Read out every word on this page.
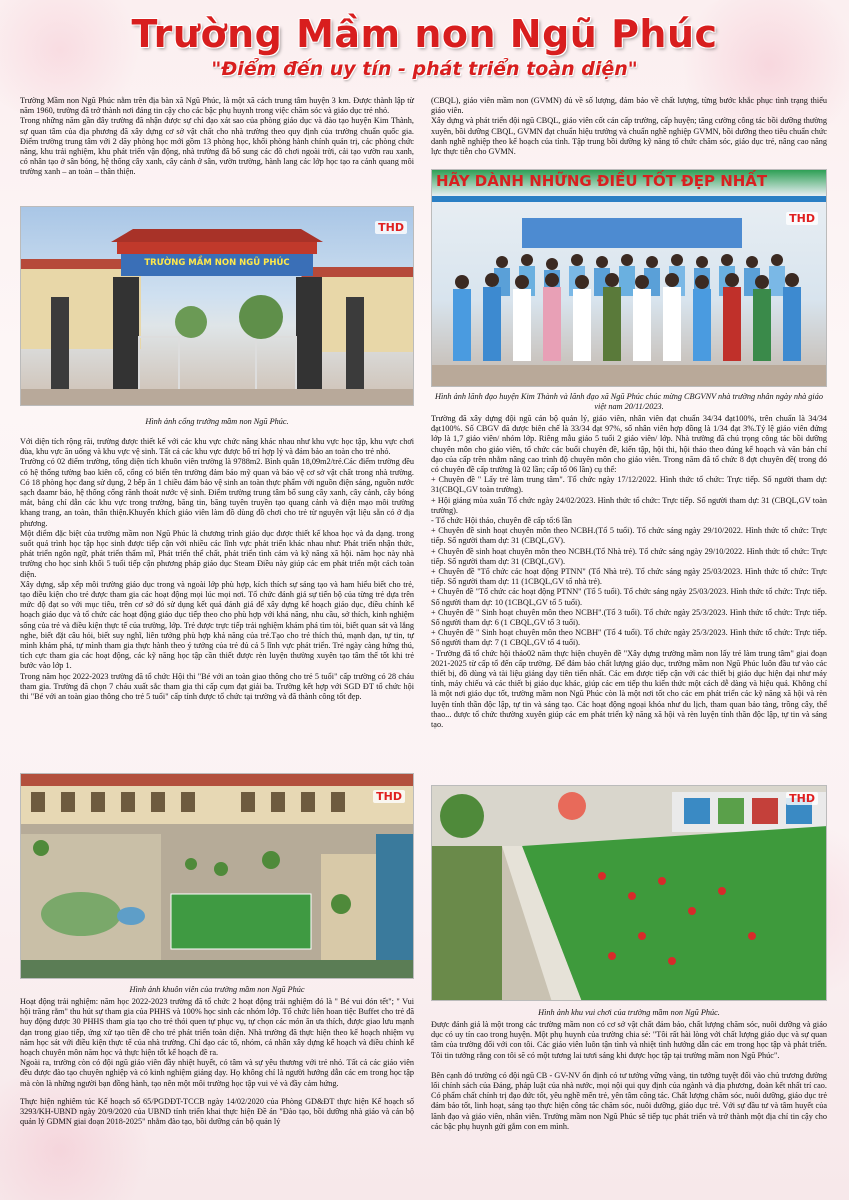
Trường Mầm non Ngũ Phúc
"Điểm đến uy tín - phát triển toàn diện"

Trường Mầm non Ngũ Phúc nằm trên địa bàn xã Ngũ Phúc, là một xã cách trung tâm huyện 3 km. Được thành lập từ năm 1960, trường đã trở thành nơi đáng tin cậy cho các bậc phụ huynh trong việc chăm sóc và giáo dục trẻ nhỏ.
Trong những năm gần đây trường đã nhận được sự chỉ đạo xát sao của phòng giáo dục và đào tạo huyện Kim Thành, sự quan tâm của địa phương đã xây dựng cơ sở vật chất cho nhà trường theo quy định của trường chuẩn quốc gia. Điểm trường trung tâm với 2 dãy phòng học mới gồm 13 phòng học, khối phòng hành chính quản trị, các phòng chức năng, khu trải nghiệm, khu phát triển vận động, nhà trường đã bổ sung các đồ chơi ngoài trời, cải tạo vườn rau xanh, có nhân tạo ở sân bóng, hệ thống cây xanh, cây cảnh ở sân, vườn trường, hành lang các lớp học tạo ra cảnh quang môi trường xanh – an toàn – thân thiện.

TRƯỜNG MẦM NON NGŨ PHÚC
THD
Hình ảnh cổng trường mầm non Ngũ Phúc.

Với diện tích rộng rãi, trường được thiết kế với các khu vực chức năng khác nhau như khu vực học tập, khu vực chơi đùa, khu vực ăn uống và khu vực vệ sinh. Tất cả các khu vực được bố trí hợp lý và đảm bảo an toàn cho trẻ nhỏ.
Trường có 02 điểm trường, tổng diện tích khuôn viên trường là 9788m2. Bình quân 18,09m2/trẻ.Các điểm trường đều có hệ thống tường bao kiên cố, cổng có biển tên trường đảm bảo mỹ quan và bảo vệ cơ sở vật chất trong nhà trường. Có 18 phòng học đang sử dụng, 2 bếp ăn 1 chiều đảm bảo vệ sinh an toàn thực phẩm với nguồn điện sáng, nguồn nước sạch đaamr bảo, hệ thống cống rãnh thoát nước vệ sinh. Điểm trường trung tâm bổ sung cây xanh, cây cảnh, cây bóng mát, bảng chỉ dẫn các khu vực trong trường, băng tin, băng tuyên truyền tạo quang cảnh và điện mạo môi trường khang trang, an toàn, thân thiện.Khuyến khích giáo viên làm đồ dùng đồ chơi cho trẻ từ nguyên vật liệu sẵn có ở địa phương.
Một điểm đặc biệt của trường mầm non Ngũ Phúc là chương trình giáo dục được thiết kế khoa học và đa dạng. trong suốt quá trình học tập học sinh được tiếp cận với nhiều các lĩnh vực phát triển khác nhau như: Phát triển nhận thức, phát triển ngôn ngữ, phát triển thẩm mĩ, Phát triển thể chất, phát triển tình cảm và kỹ năng xã hội. năm học này nhà trường cho học sinh khối 5 tuổi tiếp cận phương pháp giáo dục Steam Điều này giúp các em phát triển một cách toàn diện.
Xây dựng, sắp xếp môi trường giáo dục trong và ngoài lớp phù hợp, kích thích sự sáng tạo và ham hiểu biết cho trẻ, tạo điều kiện cho trẻ được tham gia các hoạt động mọi lúc mọi nơi. Tổ chức đánh giá sự tiến bộ của từng trẻ dựa trên mức độ đạt so với mục tiêu, trên cơ sở đó sử dụng kết quả đánh giá để xây dựng kế hoạch giáo dục, điều chỉnh kế hoạch giáo dục và tổ chức các hoạt động giáo dục tiếp theo cho phù hợp với khả năng, nhu cầu, sở thích, kinh nghiệm sống của trẻ và điều kiện thực tế của trường, lớp. Trẻ được trực tiếp trải nghiệm khám phá tìm tòi, biết quan sát và lắng nghe, biết đặt câu hỏi, biết suy nghĩ, liên tưởng phù hợp khả năng của trẻ.Tạo cho trẻ thích thú, mạnh dạn, tự tin, tự mình khám phá, tự mình tham gia thực hành theo ý tưởng của trẻ đủ cả 5 lĩnh vực phát triển. Trẻ ngày càng hứng thú, tích cực tham gia các hoạt động, các kỹ năng học tập cần thiết được rèn luyện thường xuyên tạo tâm thế tốt khi trẻ bước vào lớp 1.
Trong năm học 2022-2023 trường đã tổ chức Hội thi "Bé với an toàn giao thông cho trẻ 5 tuổi" cấp trường có 28 cháu tham gia. Trường đã chọn 7 cháu xuất sắc tham gia thi cấp cụm đạt giải ba. Trường kết hợp với SGD ĐT tổ chức hội thi "Bé với an toàn giao thông cho trẻ 5 tuổi" cấp tỉnh được tổ chức tại trường và đã thành công tốt đẹp.

THD
Hình ảnh khuôn viên của trường mầm non Ngũ Phúc

Hoạt động trải nghiệm: năm học 2022-2023 trường đã tổ chức 2 hoạt động trải nghiệm đó là " Bé vui đón tết"; " Vui hội trăng rằm" thu hút sự tham gia của PHHS và 100% học sinh các nhóm lớp. Tổ chức liên hoan tiệc Buffet cho trẻ đã huy động được 30 PHHS tham gia tạo cho trẻ thói quen tự phục vụ, tự chọn các món ăn ưa thích, được giao lưu mạnh dạn trong giao tiếp, ứng xử tạo tiền đề cho trẻ phát triển toàn diện. Nhà trường đã thực hiện theo kế hoạch nhiệm vụ năm học sát với điều kiện thực tế của nhà trường. Chỉ đạo các tổ, nhóm, cá nhân xây dựng kế hoạch và điều chỉnh kế hoạch chuyên môn năm học và thực hiện tốt kế hoạch đề ra.
Ngoài ra, trường còn có đội ngũ giáo viên đầy nhiệt huyết, có tâm và sự yêu thương với trẻ nhỏ. Tất cả các giáo viên đều được đào tạo chuyên nghiệp và có kinh nghiệm giảng dạy. Họ không chỉ là người hướng dẫn các em trong học tập mà còn là những người bạn đồng hành, tạo nên một môi trường học tập vui vẻ và đầy cảm hứng.

Thực hiện nghiêm túc Kế hoạch số 65/PGDĐT-TCCB ngày 14/02/2020 của Phòng GD&ĐT thực hiện Kế hoạch số 3293/KH-UBND ngày 20/9/2020 của UBND tỉnh triển khai thực hiện Đề án "Đào tạo, bồi dưỡng nhà giáo và cán bộ quản lý GDMN giai đoạn 2018-2025" nhằm đào tạo, bồi dưỡng cán bộ quản lý

(CBQL), giáo viên mầm non (GVMN) đủ về số lượng, đảm bảo về chất lượng, từng bước khắc phục tình trạng thiếu giáo viên.
Xây dựng và phát triển đội ngũ CBQL, giáo viên cốt cán cấp trường, cấp huyện; tăng cường công tác bồi dưỡng thường xuyên, bồi dưỡng CBQL, GVMN đạt chuẩn hiệu trưởng và chuẩn nghề nghiệp GVMN, bồi dưỡng theo tiêu chuẩn chức danh nghề nghiệp theo kế hoạch của tỉnh. Tập trung bồi dưỡng kỹ năng tổ chức chăm sóc, giáo dục trẻ, nâng cao năng lực thực tiễn cho GVMN.

HÃY DÀNH NHỮNG ĐIỀU TỐT ĐẸP NHẤT
THD
Hình ảnh lãnh đạo huyện Kim Thành và lãnh đạo xã Ngũ Phúc chúc mừng CBGVNV nhà trường nhân ngày nhà giáo việt nam 20/11/2023.

Trường đã xây dựng đội ngũ cán bộ quản lý, giáo viên, nhân viên đạt chuẩn 34/34 đạt100%, trên chuẩn là 34/34 đạt100%. Số CBGV đã được biên chế là 33/34 đạt 97%, số nhân viên hợp đồng là 1/34 đạt 3%.Tỷ lệ giáo viên đứng lớp là 1,7 giáo viên/ nhóm lớp. Riêng mẫu giáo 5 tuổi 2 giáo viên/ lớp. Nhà trường đã chú trọng công tác bồi dưỡng chuyên môn cho giáo viên, tổ chức các buổi chuyên đề, kiến tập, hội thi, hội thảo theo đúng kế hoạch và văn bản chỉ đạo của cấp trên nhằm nâng cao trình độ chuyên môn cho giáo viên. Trong năm đã tổ chức 8 đợt chuyên đề( trong đó có chuyên đề cấp trường là 02 lần; cấp tổ 06 lần) cụ thể:
+ Chuyên đề " Lấy trẻ làm trung tâm". Tổ chức ngày 17/12/2022. Hình thức tổ chức: Trực tiếp. Số người tham dự: 31(CBQL,GV toàn trường).
+ Hội giảng mùa xuân Tổ chức ngày 24/02/2023. Hình thức tổ chức: Trực tiếp. Số người tham dự: 31 (CBQL,GV toàn trường).
- Tổ chức Hội thảo, chuyên đề cấp tổ:6 lần
+ Chuyên đề sinh hoạt chuyên môn theo NCBH.(Tổ 5 tuổi). Tổ chức sáng ngày 29/10/2022. Hình thức tổ chức: Trực tiếp. Số người tham dự: 31 (CBQL,GV).
+ Chuyên đề sinh hoạt chuyên môn theo NCBH.(Tổ Nhà trẻ). Tổ chức sáng ngày 29/10/2022. Hình thức tổ chức: Trực tiếp. Số người tham dự: 31 (CBQL,GV).
+ Chuyên đề "Tổ chức các hoạt động PTNN" (Tổ Nhà trẻ). Tổ chức sáng ngày 25/03/2023. Hình thức tổ chức: Trực tiếp. Số người tham dự: 11 (1CBQL,GV tổ nhà trẻ).
+ Chuyên đề "Tổ chức các hoạt động PTNN" (Tổ 5 tuổi). Tổ chức sáng ngày 25/03/2023. Hình thức tổ chức: Trực tiếp. Số người tham dự: 10 (1CBQL,GV tổ 5 tuổi).
+ Chuyên đề " Sinh hoạt chuyên môn theo NCBH".(Tổ 3 tuổi). Tổ chức ngày 25/3/2023. Hình thức tổ chức: Trực tiếp. Số người tham dự: 6 (1 CBQL,GV tổ 3 tuổi).
+ Chuyên đề " Sinh hoạt chuyên môn theo NCBH" (Tổ 4 tuổi). Tổ chức ngày 25/3/2023. Hình thức tổ chức: Trực tiếp. Số người tham dự: 7 (1 CBQL,GV tổ 4 tuổi).
- Trường đã tổ chức hội thảo02 năm thực hiện chuyên đề "Xây dựng trường mầm non lấy trẻ làm trung tâm" giai đoạn 2021-2025 từ cấp tổ đến cấp trường. Để đảm bảo chất lượng giáo dục, trường mầm non Ngũ Phúc luôn đầu tư vào các thiết bị, đồ dùng và tài liệu giảng dạy tiên tiến nhất. Các em được tiếp cận với các thiết bị giáo dục hiện đại như máy tính, máy chiếu và các thiết bị giáo dục khác, giúp các em tiếp thu kiến thức một cách dễ dàng và hiệu quả. Không chỉ là một nơi giáo dục tốt, trường mầm non Ngũ Phúc còn là một nơi tốt cho các em phát triển các kỹ năng xã hội và rèn luyện tính thần độc lập, tự tin và sáng tạo. Các hoạt động ngoại khóa như du lịch, tham quan bảo tàng, trồng cây, thể thao... được tổ chức thường xuyên giúp các em phát triển kỹ năng xã hội và rèn luyện tính thần độc lập, tự tin và sáng tạo.

THD
Hình ảnh khu vui chơi của trường mầm non Ngũ Phúc.

Được đánh giá là một trong các trường mầm non có cơ sở vật chất đảm bảo, chất lượng chăm sóc, nuôi dưỡng và giáo dục có uy tín cao trong huyện. Một phụ huynh của trường chia sẻ: "Tôi rất hài lòng với chất lượng giáo dục và sự quan tâm của trường đối với con tôi. Các giáo viên luôn tận tình và nhiệt tình hướng dẫn các em trong học tập và phát triển. Tôi tin tưởng rằng con tôi sẽ có một tương lai tươi sáng khi được học tập tại trường mầm non Ngũ Phúc".

Bên cạnh đó trường có đội ngũ CB - GV-NV ổn định có tư tưởng vững vàng, tin tưởng tuyệt đối vào chủ trương đường lối chính sách của Đảng, pháp luật của nhà nước, mọi nội qui quy định của ngành và địa phương, đoàn kết nhất trí cao. Có phẩm chất chính trị đạo đức tốt, yêu nghề mến trẻ, yên tâm công tác. Chất lượng chăm sóc, nuôi dưỡng, giáo dục trẻ đảm bảo tốt, linh hoạt, sáng tạo thực hiện công tác chăm sóc, nuôi dưỡng, giáo dục trẻ. Với sự đầu tư và tâm huyết của lãnh đạo và giáo viên, nhân viên. Trường mầm non Ngũ Phúc sẽ tiếp tục phát triển và trở thành một địa chỉ tin cậy cho các bậc phụ huynh gửi gắm con em mình.
